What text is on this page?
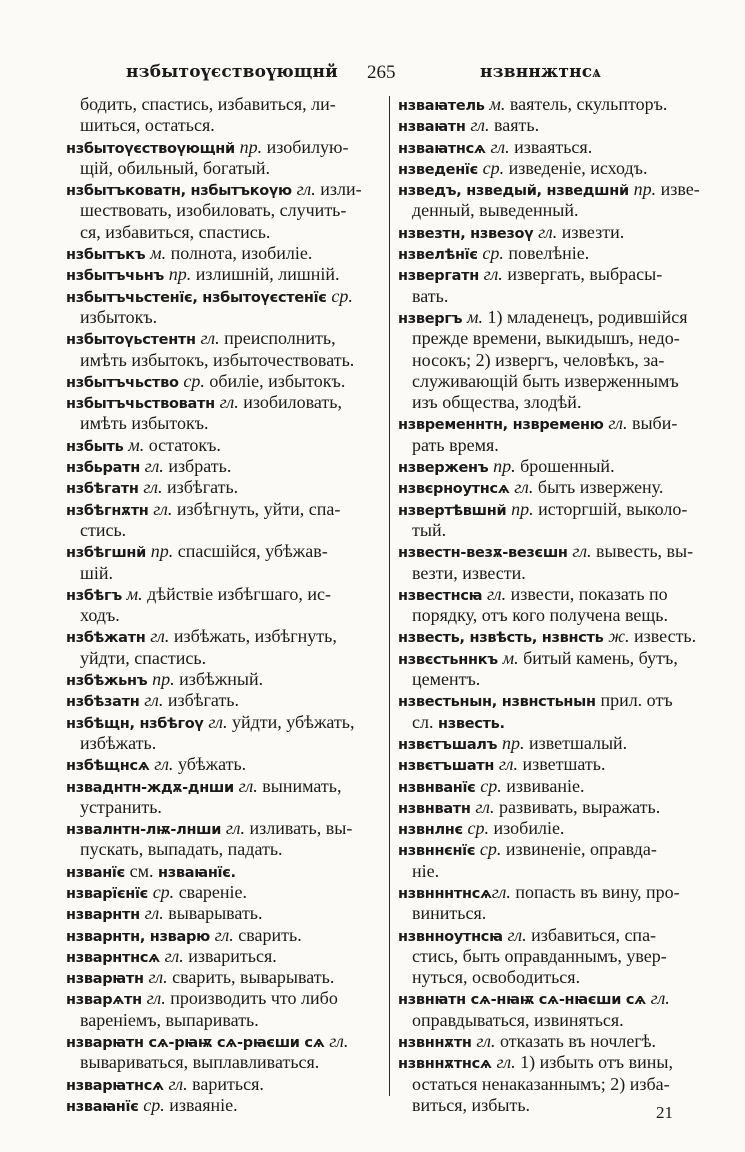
нзбытоүєствоүющнй 265	нзвннжтнсѧ
бодить, спастись, избавиться, ли-
шиться, остаться.
нзбытоүєствоүющнй пр. изобилую-
щій, обильный, богатый.
нзбытъковатн, нзбытъкоүю гл. изли-
шествовать, изобиловать, случить-
ся, избавиться, спастись.
нзбытъкъ м. полнота, изобиліе.
нзбытъчьнъ пр. излишній, лишній.
нзбытъчьстенїє, нзбытоүєстенїє ср.
избытокъ.
нзбытоүьстентн гл. преисполнить,
имѣть избытокъ, избыточествовать.
нзбытъчьство ср. обиліе, избытокъ.
нзбытъчьствоватн гл. изобиловать,
имѣть избытокъ.
нзбыть м. остатокъ.
нзбьратн гл. избрать.
нзбѣгатн гл. избѣгать.
нзбѣгнѫтн гл. избѣгнуть, уйти, спа-
стись.
нзбѣгшнй пр. спасшійся, убѣжав-
шій.
нзбѣгъ м. дѣйствіе избѣгшаго, ис-
ходъ.
нзбѣжатн гл. избѣжать, избѣгнуть,
уйдти, спастись.
нзбѣжьнъ пр. избѣжный.
нзбѣзатн гл. избѣгать.
нзбѣщн, нзбѣгоү гл. уйдти, убѣжать,
избѣжать.
нзбѣщнсѧ гл. убѣжать.
нзваднтн-ждѫ-днши гл. вынимать,
устранить.
нзвалнтн-лѭ-лнши гл. изливать, вы-
пускать, выпадать, падать.
нзванїє см. нзваꙗнїє.
нзварїєнїє ср. свареніе.
нзварнтн гл. выварывать.
нзварнтн, нзварю гл. сварить.
нзварнтнсѧ гл. извариться.
нзварꙗтн гл. сварить, выварывать.
нзварѧтн гл. производить что либо
вареніемъ, выпаривать.
нзварꙗтн сѧ-рꙗѭ сѧ-рꙗєши сѧ гл.
вывариваться, выплавливаться.
нзварꙗтнсѧ гл. вариться.
нзваꙗнїє ср. изваяніе.
нзваꙗтель м. ваятель, скульпторъ.
нзваꙗтн гл. ваять.
нзваꙗтнсѧ гл. изваяться.
нзведенїє ср. изведеніе, исходъ.
нзведъ, нзведый, нзведшнй пр. изве-
денный, выведенный.
нзвезтн, нзвезоү гл. извезти.
нзвелѣнїє ср. повелѣніе.
нзвергатн гл. извергать, выбрасы-
вать.
нзвергъ м. 1) младенецъ, родившійся
прежде времени, выкидышъ, недо-
носокъ; 2) извергъ, человѣкъ, за-
служивающій быть изверженнымъ
изъ общества, злодѣй.
нзвременнтн, нзвременю гл. выби-
рать время.
нзверженъ пр. брошенный.
нзвєрноутнсѧ гл. быть извержену.
нзвертѣвшнй пр. исторгшій, выколо-
тый.
нзвестн-везѫ-везєшн гл. вывесть, вы-
везти, извести.
нзвестнсꙗ гл. извести, показать по
порядку, отъ кого получена вещь.
нзвесть, нзвѣсть, нзвнсть ж. известь.
нзвєстьннкъ м. битый камень, бутъ,
цементъ.
нзвестьнын, нзвнстьнын прил. отъ
сл. нзвесть.
нзвєтъшалъ пр. изветшалый.
нзвєтъшатн гл. изветшать.
нзвнванїє ср. извиваніе.
нзвнватн гл. развивать, выражать.
нзвнлнє ср. изобиліе.
нзвннєнїє ср. извиненіе, оправда-
ніе.
нзвнннтнсѧгл. попасть въ вину, про-
виниться.
нзвнноутнсꙗ гл. избавиться, спа-
стись, быть оправданнымъ, увер-
нуться, освободиться.
нзвнꙗтн сѧ-нꙗѭ сѧ-нꙗєши сѧ гл.
оправдываться, извиняться.
нзвннѫтн гл. отказать въ ночлегѣ.
нзвннѫтнсѧ гл. 1) избыть отъ вины,
остаться ненаказаннымъ; 2) изба-
виться, избыть.	21
